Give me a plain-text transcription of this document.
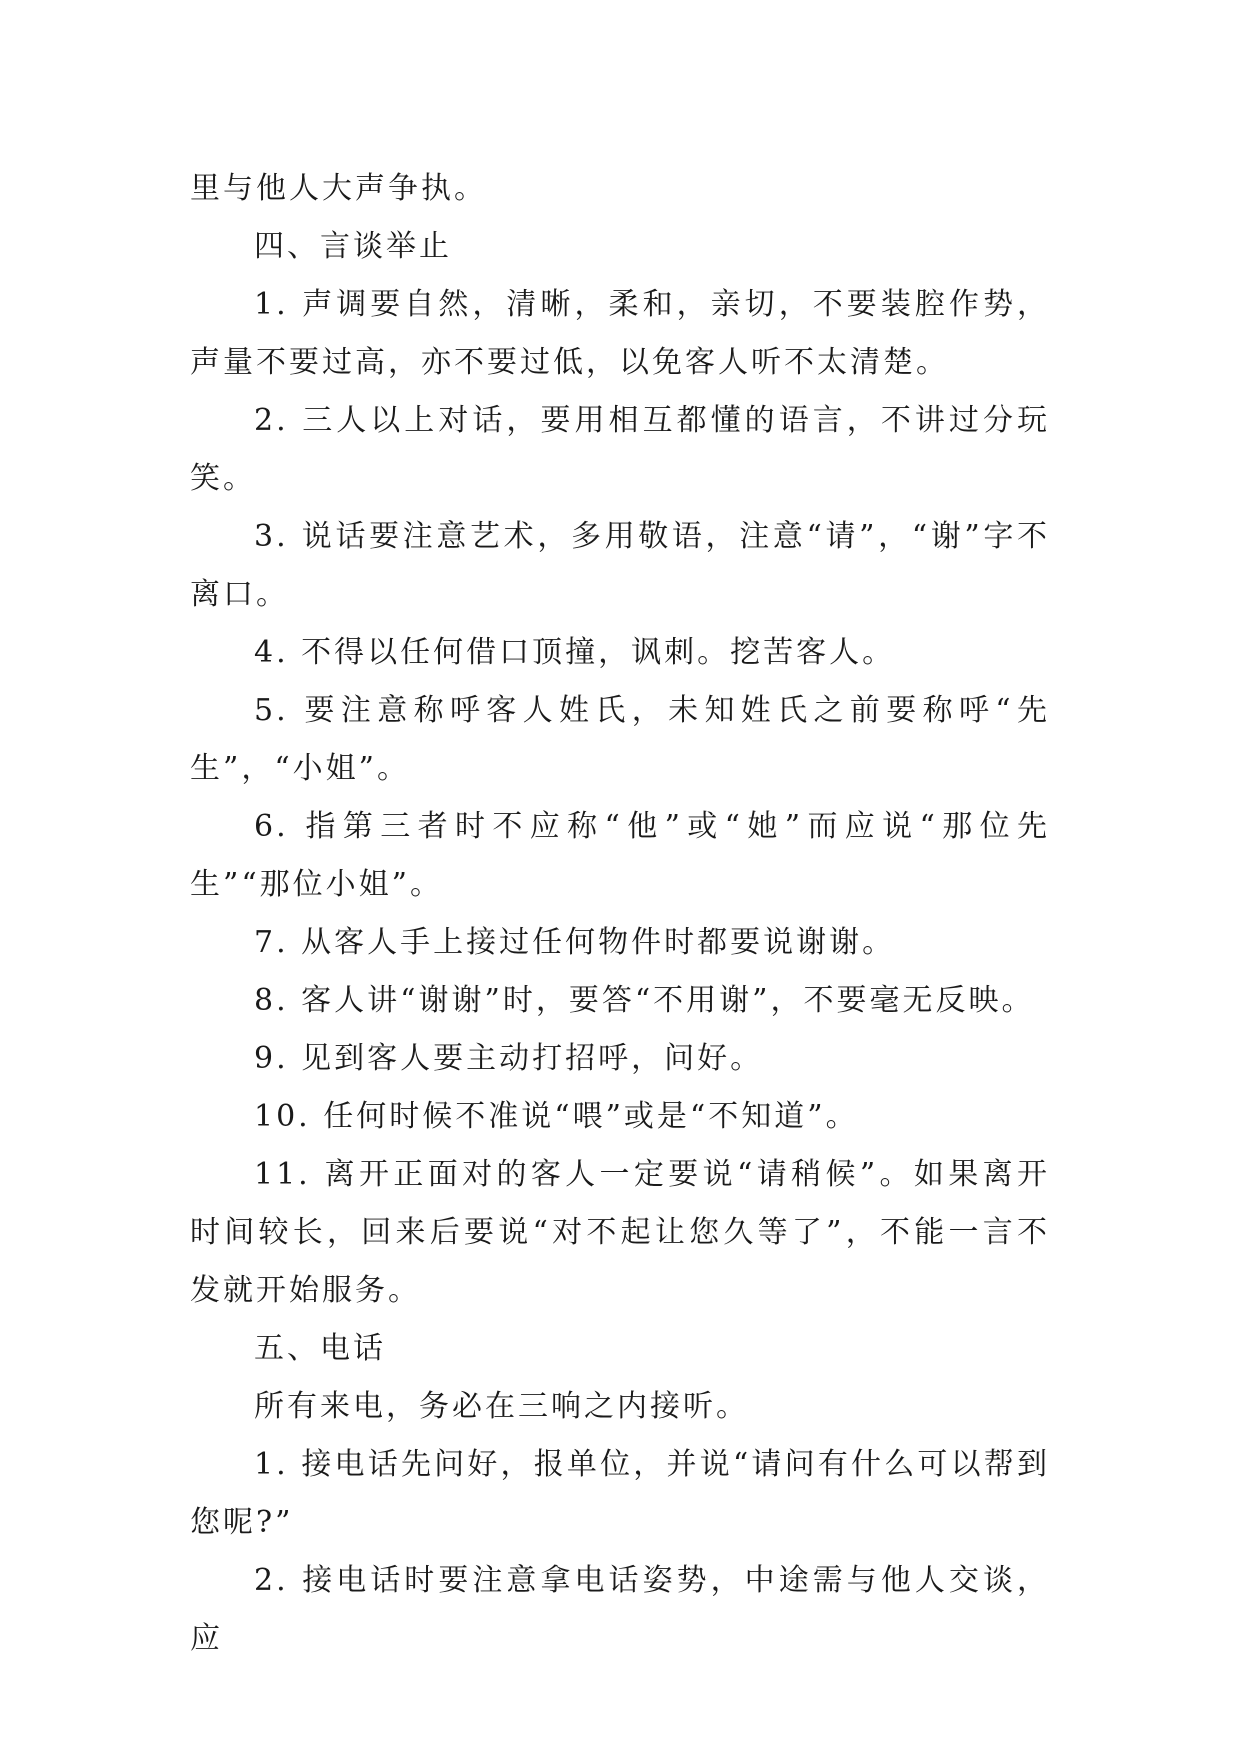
里与他人大声争执。

四、言谈举止

1. 声调要自然，清晰，柔和，亲切，不要装腔作势，声量不要过高，亦不要过低，以免客人听不太清楚。

2. 三人以上对话，要用相互都懂的语言，不讲过分玩笑。

3. 说话要注意艺术，多用敬语，注意“请”，“谢”字不离口。

4. 不得以任何借口顶撞，讽刺。挖苦客人。

5. 要注意称呼客人姓氏，未知姓氏之前要称呼“先生”，“小姐”。

6. 指第三者时不应称“他”或“她”而应说“那位先生”“那位小姐”。

7. 从客人手上接过任何物件时都要说谢谢。

8. 客人讲“谢谢”时，要答“不用谢”，不要毫无反映。

9. 见到客人要主动打招呼，问好。

10. 任何时候不准说“喂”或是“不知道”。

11. 离开正面对的客人一定要说“请稍候”。如果离开时间较长，回来后要说“对不起让您久等了”，不能一言不发就开始服务。

五、电话

所有来电，务必在三响之内接听。

1. 接电话先问好，报单位，并说“请问有什么可以帮到您呢?”

2. 接电话时要注意拿电话姿势，中途需与他人交谈，应
